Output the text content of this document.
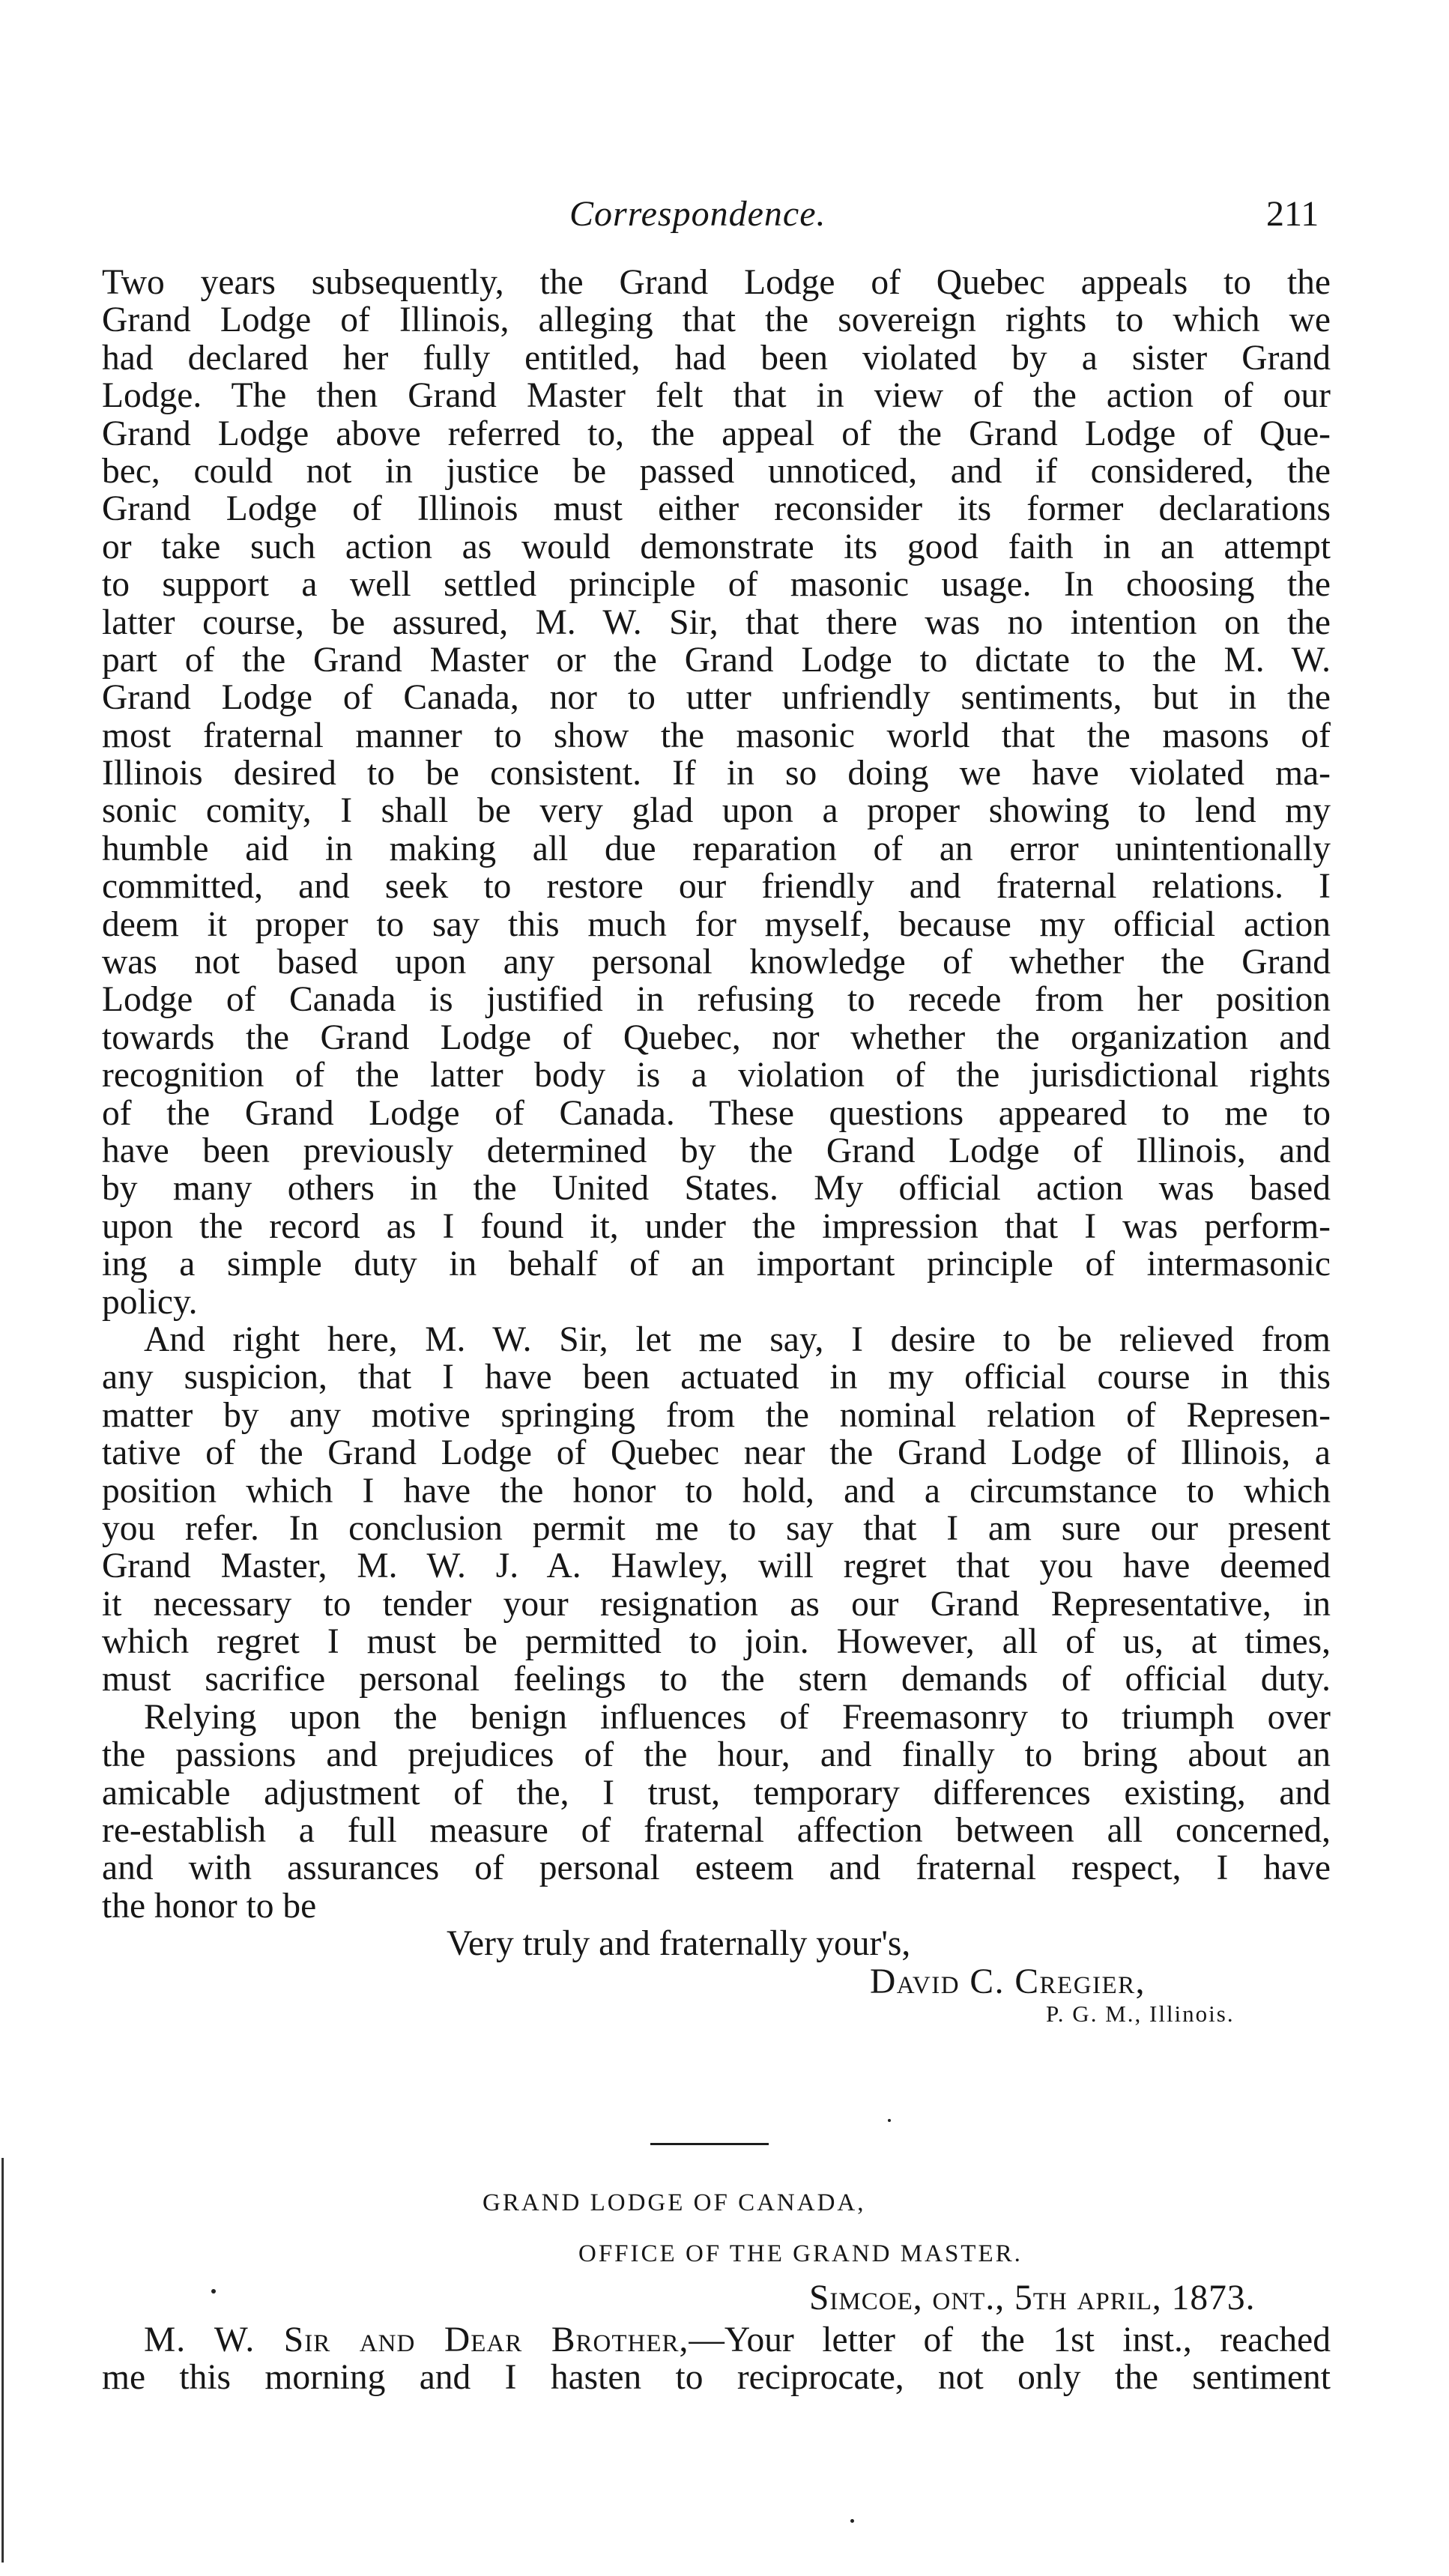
Correspondence.	211
Two years subsequently, the Grand Lodge of Quebec appeals to the
Grand Lodge of Illinois, alleging that the sovereign rights to which we
had declared her fully entitled, had been violated by a sister Grand
Lodge. The then Grand Master felt that in view of the action of our
Grand Lodge above referred to, the appeal of the Grand Lodge of Que-
bec, could not in justice be passed unnoticed, and if considered, the
Grand Lodge of Illinois must either reconsider its former declarations
or take such action as would demonstrate its good faith in an attempt
to support a well settled principle of masonic usage. In choosing the
latter course, be assured, M. W. Sir, that there was no intention on the
part of the Grand Master or the Grand Lodge to dictate to the M. W.
Grand Lodge of Canada, nor to utter unfriendly sentiments, but in the
most fraternal manner to show the masonic world that the masons of
Illinois desired to be consistent. If in so doing we have violated ma-
sonic comity, I shall be very glad upon a proper showing to lend my
humble aid in making all due reparation of an error unintentionally
committed, and seek to restore our friendly and fraternal relations. I
deem it proper to say this much for myself, because my official action
was not based upon any personal knowledge of whether the Grand
Lodge of Canada is justified in refusing to recede from her position
towards the Grand Lodge of Quebec, nor whether the organization and
recognition of the latter body is a violation of the jurisdictional rights
of the Grand Lodge of Canada. These questions appeared to me to
have been previously determined by the Grand Lodge of Illinois, and
by many others in the United States. My official action was based
upon the record as I found it, under the impression that I was perform-
ing a simple duty in behalf of an important principle of intermasonic
policy.
And right here, M. W. Sir, let me say, I desire to be relieved from
any suspicion, that I have been actuated in my official course in this
matter by any motive springing from the nominal relation of Represen-
tative of the Grand Lodge of Quebec near the Grand Lodge of Illinois, a
position which I have the honor to hold, and a circumstance to which
you refer. In conclusion permit me to say that I am sure our present
Grand Master, M. W. J. A. Hawley, will regret that you have deemed
it necessary to tender your resignation as our Grand Representative, in
which regret I must be permitted to join. However, all of us, at times,
must sacrifice personal feelings to the stern demands of official duty.
Relying upon the benign influences of Freemasonry to triumph over
the passions and prejudices of the hour, and finally to bring about an
amicable adjustment of the, I trust, temporary differences existing, and
re-establish a full measure of fraternal affection between all concerned,
and with assurances of personal esteem and fraternal respect, I have
the honor to be
Very truly and fraternally your's,
David C. Cregier,
P. G. M., Illinois.
GRAND LODGE OF CANADA,
OFFICE OF THE GRAND MASTER.
Simcoe, ont., 5th april, 1873.
M. W. Sir and Dear Brother,—Your letter of the 1st inst., reached
me this morning and I hasten to reciprocate, not only the sentiment
